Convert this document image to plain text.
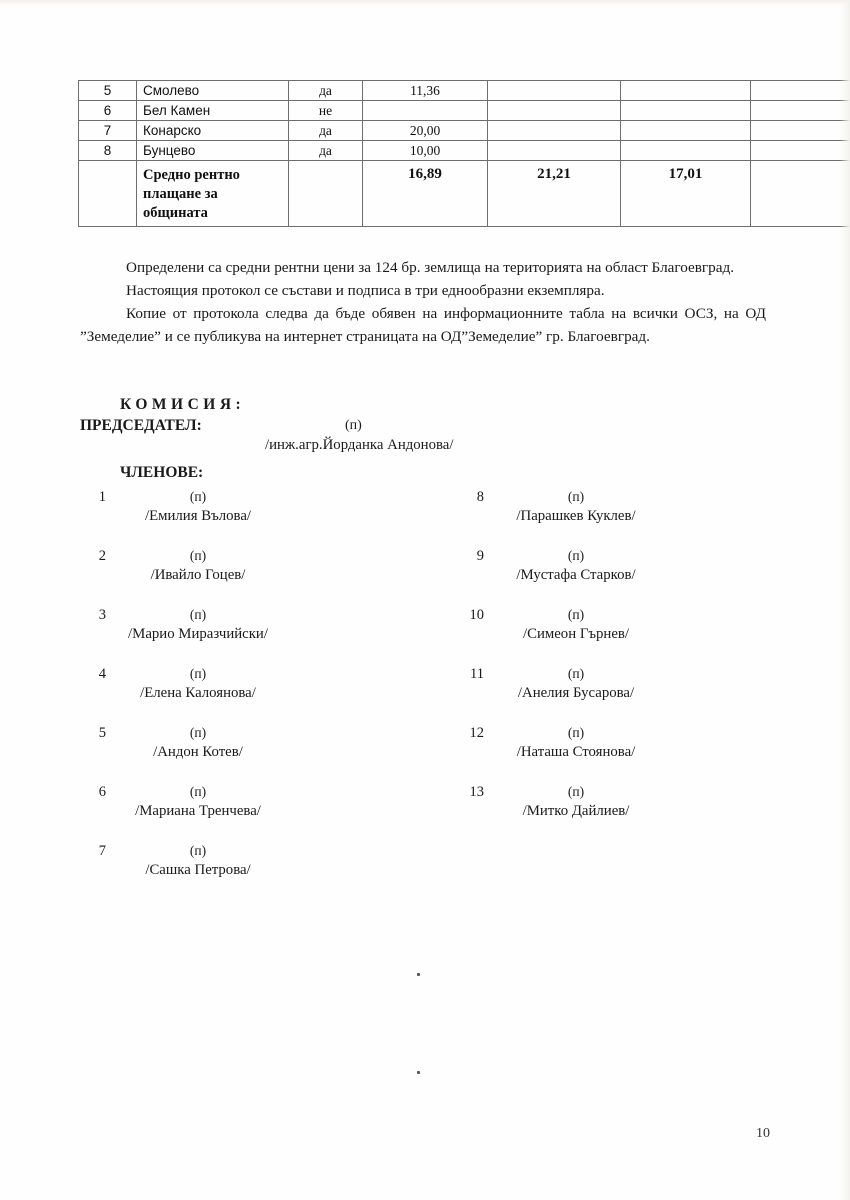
5	Смолево	да	11,36			
6	Бел Камен	не				
7	Конарско	да	20,00			
8	Бунцево	да	10,00			
	Средно рентно плащане за общината		16,89	21,21	17,01	

Определени са средни рентни цени за 124 бр. землища на територията на област Благоевград.

Настоящия протокол се състави и подписа в три еднообразни екземпляра.

Копие от протокола следва да бъде обявен на информационните табла на всички ОСЗ, на ОД ”Земеделие” и се публикува на интернет страницата на ОД”Земеделие” гр. Благоевград.

КОМИСИЯ:
ПРЕДСЕДАТЕЛ:	(п)
/инж.агр.Йорданка Андонова/
ЧЛЕНОВЕ:
1	(п)
/Емилия Вълова/
2	(п)
/Ивайло Гоцев/
3	(п)
/Марио Миразчийски/
4	(п)
/Елена Калоянова/
5	(п)
/Андон Котев/
6	(п)
/Мариана Тренчева/
7	(п)
/Сашка Петрова/
8	(п)
/Парашкев Куклев/
9	(п)
/Мустафа Старков/
10	(п)
/Симеон Гърнев/
11	(п)
/Анелия Бусарова/
12	(п)
/Наташа Стоянова/
13	(п)
/Митко Дайлиев/
10
